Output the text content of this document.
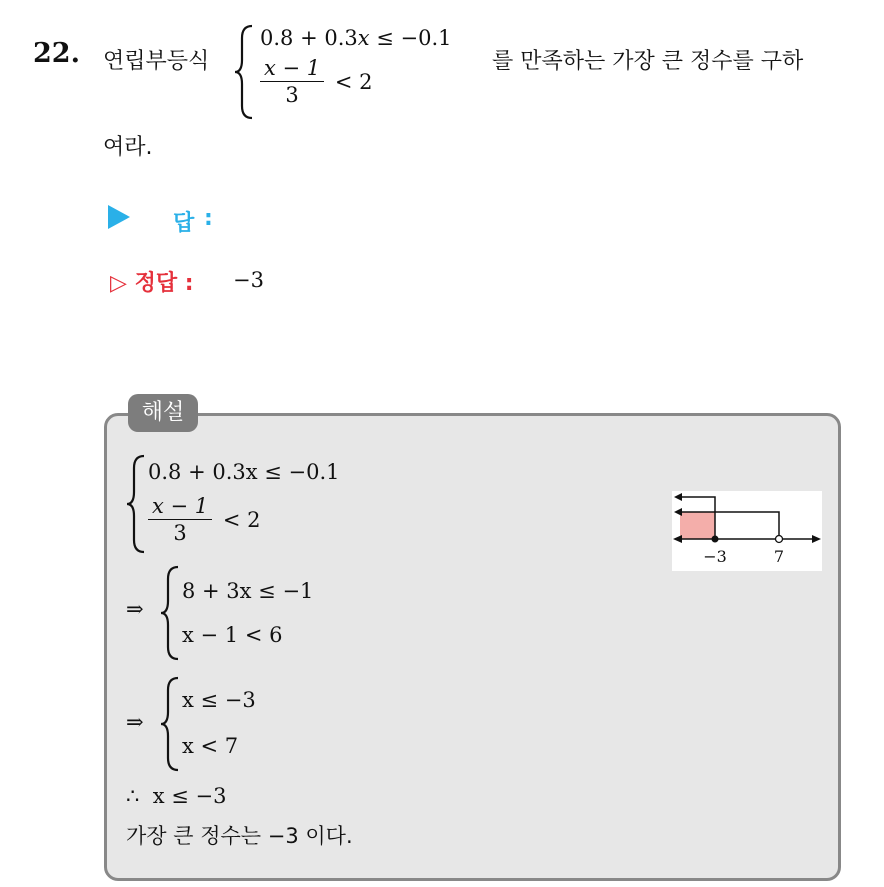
22. 연립부등식
0.8 + 0.3x ≤ −0.1
$\frac{x - 1}{3} < 2$
를 만족하는 가장 큰 정수를 구하
여라.
답 :
▷ 정답 : −3
해설
0.8 + 0.3x ≤ −0.1
$\frac{x - 1}{3} < 2$
⇒
8 + 3x ≤ −1
x − 1 < 6
⇒
x ≤ −3
x < 7
∴  x ≤ −3
가장 큰 정수는 −3 이다.
−3	7
